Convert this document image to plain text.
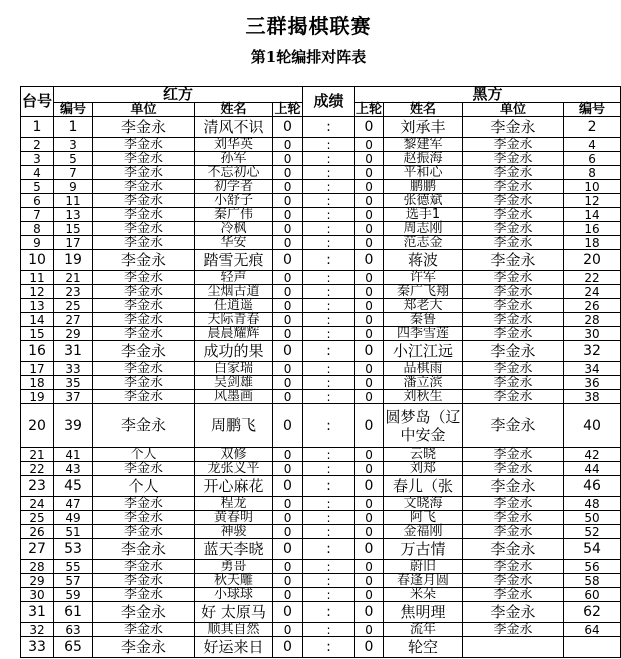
三群揭棋联赛
第1轮编排对阵表
台号	红方				成绩	黑方			
	编号	单位	姓名	上轮		上轮	姓名	单位	编号
1	1	李金永	清风不识	0	:	0	刘承丰	李金永	2
2	3	李金永	刘华英	0	:	0	黎建军	李金永	4
3	5	李金永	孙军	0	:	0	赵振海	李金永	6
4	7	李金永	不忘初心	0	:	0	平和心	李金永	8
5	9	李金永	初学者	0	:	0	鹏鹏	李金永	10
6	11	李金永	小舒子	0	:	0	张德斌	李金永	12
7	13	李金永	秦广伟	0	:	0	选手1	李金永	14
8	15	李金永	冷枫	0	:	0	周志刚	李金永	16
9	17	李金永	华安	0	:	0	范志金	李金永	18
10	19	李金永	踏雪无痕	0	:	0	蒋波	李金永	20
11	21	李金永	轻声	0	:	0	许军	李金永	22
12	23	李金永	尘烟古道	0	:	0	秦广飞翔	李金永	24
13	25	李金永	任逍遥	0	:	0	郑老大	李金永	26
14	27	李金永	天际青春	0	:	0	秦鲁	李金永	28
15	29	李金永	晨晨耀辉	0	:	0	四季雪莲	李金永	30
16	31	李金永	成功的果	0	:	0	小江江远	李金永	32
17	33	李金永	白家瑞	0	:	0	品棋雨	李金永	34
18	35	李金永	吴剑雄	0	:	0	潘立滨	李金永	36
19	37	李金永	风墨画	0	:	0	刘秋生	李金永	38
20	39	李金永	周鹏飞	0	:	0	圆梦岛（辽中安金	李金永	40
21	41	个人	双修	0	:	0	云晓	李金永	42
22	43	李金永	龙张义平	0	:	0	刘郑	李金永	44
23	45	个人	开心麻花	0	:	0	春儿（张	李金永	46
24	47	李金永	程龙	0	:	0	文晓海	李金永	48
25	49	李金永	黄春明	0	:	0	阿飞	李金永	50
26	51	李金永	神骏	0	:	0	金福刚	李金永	52
27	53	李金永	蓝天李晓	0	:	0	万古情	李金永	54
28	55	李金永	勇哥	0	:	0	蔚旧	李金永	56
29	57	李金永	秋天雕	0	:	0	春逢月圆	李金永	58
30	59	李金永	小球球	0	:	0	米朵	李金永	60
31	61	李金永	好 太原马	0	:	0	焦明理	李金永	62
32	63	李金永	顺其自然	0	:	0	流年	李金永	64
33	65	李金永	好运来日	0	:	0	轮空		
